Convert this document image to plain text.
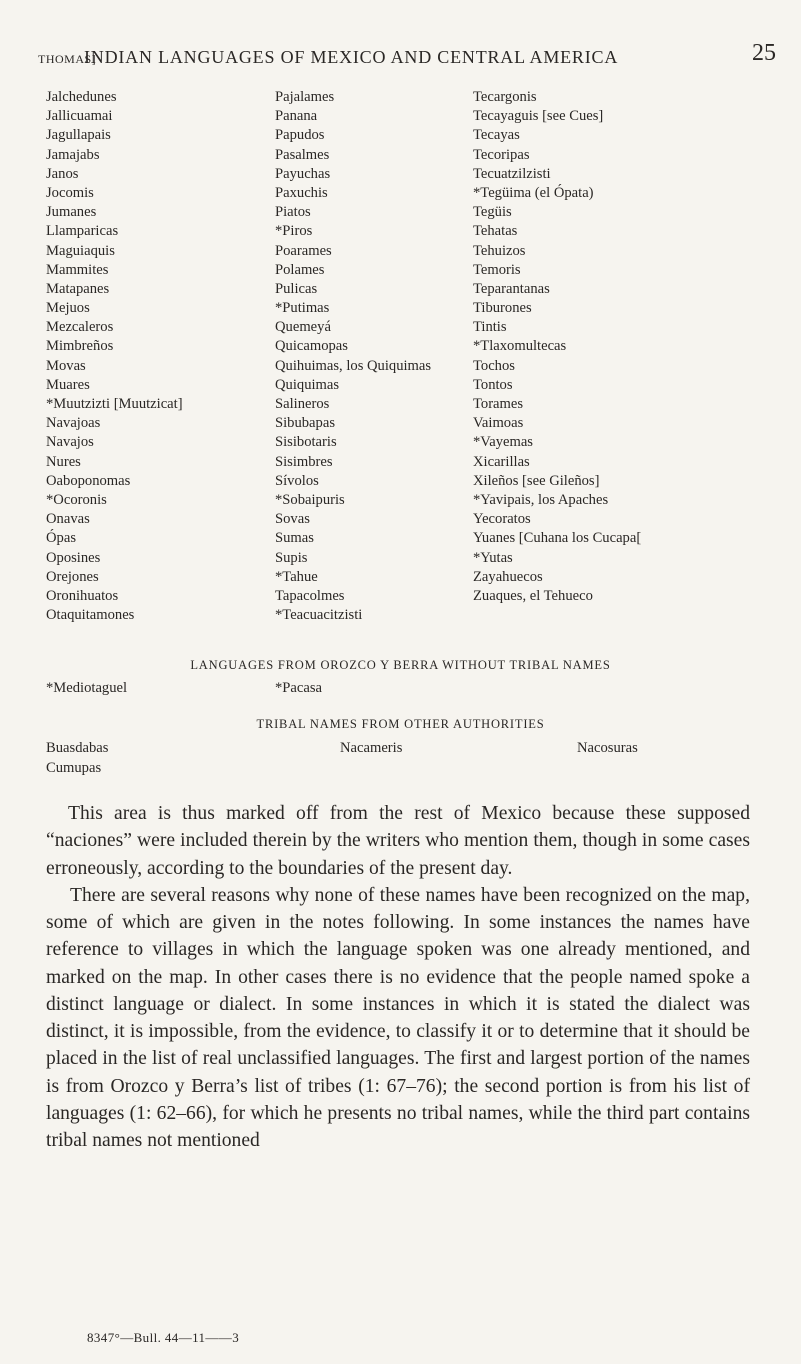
THOMAS]
INDIAN LANGUAGES OF MEXICO AND CENTRAL AMERICA	25
Jalchedunes
Jallicuamai
Jagullapais
Jamajabs
Janos
Jocomis
Jumanes
Llamparicas
Maguiaquis
Mammites
Matapanes
Mejuos
Mezcaleros
Mimbreños
Movas
Muares
*Muutzizti [Muutzicat]
Navajoas
Navajos
Nures
Oaboponomas
*Ocoronis
Onavas
Ópas
Oposines
Orejones
Oronihuatos
Otaquitamones
Pajalames
Panana
Papudos
Pasalmes
Payuchas
Paxuchis
Piatos
*Piros
Poarames
Polames
Pulicas
*Putimas
Quemeyá
Quicamopas
Quihuimas, los Quiquimas
Quiquimas
Salineros
Sibubapas
Sisibotaris
Sisimbres
Sívolos
*Sobaipuris
Sovas
Sumas
Supis
*Tahue
Tapacolmes
*Teacuacitzisti
Tecargonis
Tecayaguis [see Cues]
Tecayas
Tecoripas
Tecuatzilzisti
*Tegüima (el Ópata)
Tegüis
Tehatas
Tehuizos
Temoris
Teparantanas
Tiburones
Tintis
*Tlaxomultecas
Tochos
Tontos
Torames
Vaimoas
*Vayemas
Xicarillas
Xileños [see Gileños]
*Yavipais, los Apaches
Yecoratos
Yuanes [Cuhana los Cucapa[
*Yutas
Zayahuecos
Zuaques, el Tehueco
LANGUAGES FROM OROZCO Y BERRA WITHOUT TRIBAL NAMES
*Mediotaguel	*Pacasa
TRIBAL NAMES FROM OTHER AUTHORITIES
Buasdabas	Nacameris	Nacosuras
Cumupas

This area is thus marked off from the rest of Mexico because these supposed “naciones” were included therein by the writers who mention them, though in some cases erroneously, according to the boundaries of the present day.

There are several reasons why none of these names have been recognized on the map, some of which are given in the notes following. In some instances the names have reference to villages in which the language spoken was one already mentioned, and marked on the map. In other cases there is no evidence that the people named spoke a distinct language or dialect. In some instances in which it is stated the dialect was distinct, it is impossible, from the evidence, to classify it or to determine that it should be placed in the list of real unclassified languages. The first and largest portion of the names is from Orozco y Berra’s list of tribes (1: 67–76); the second portion is from his list of languages (1: 62–66), for which he presents no tribal names, while the third part contains tribal names not mentioned

8347°—Bull. 44—11——3
